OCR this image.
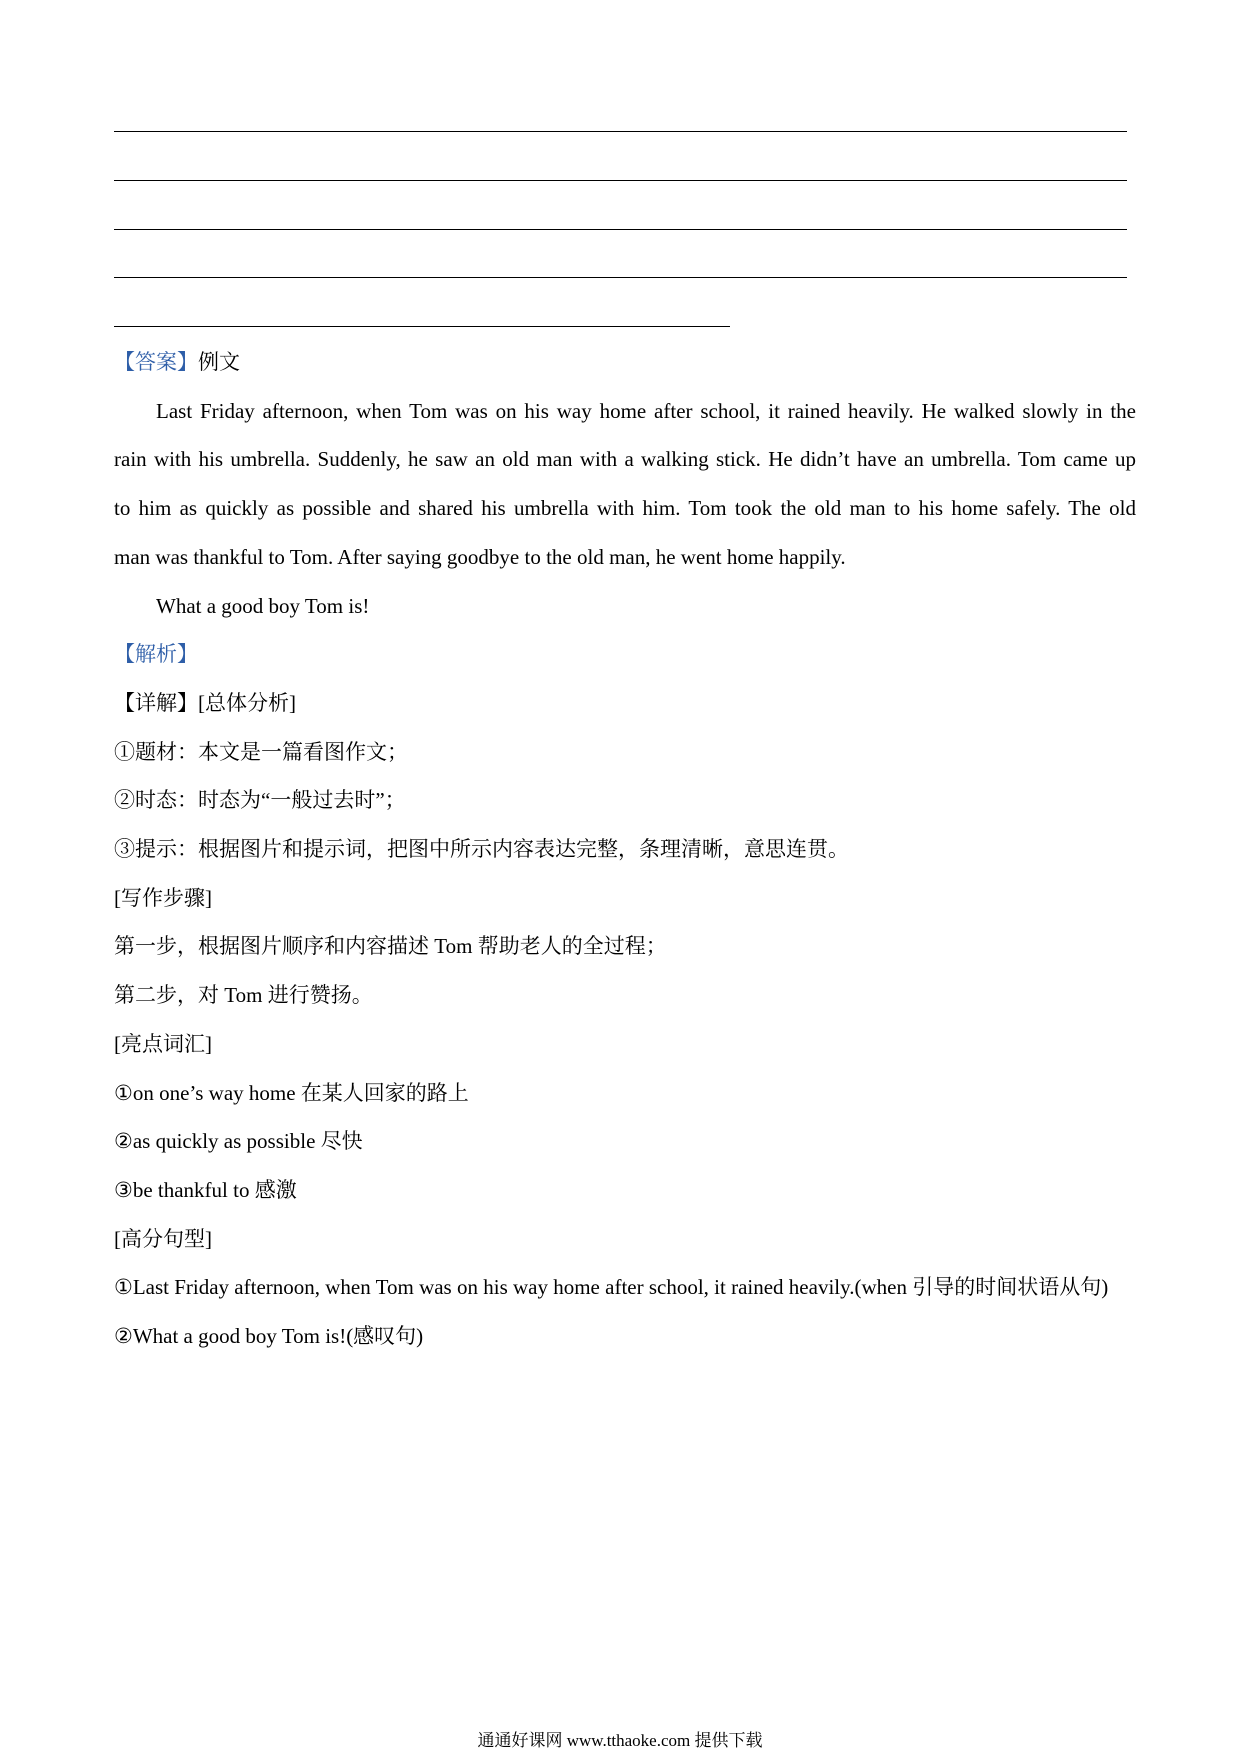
【答案】例文
Last Friday afternoon, when Tom was on his way home after school, it rained heavily. He walked slowly in the
rain with his umbrella. Suddenly, he saw an old man with a walking stick. He didn’t have an umbrella. Tom came up
to him as quickly as possible and shared his umbrella with him. Tom took the old man to his home safely. The old
man was thankful to Tom. After saying goodbye to the old man, he went home happily.
What a good boy Tom is!
【解析】
【详解】[总体分析]
①题材：本文是一篇看图作文；
②时态：时态为“一般过去时”；
③提示：根据图片和提示词，把图中所示内容表达完整，条理清晰，意思连贯。
[写作步骤]
第一步，根据图片顺序和内容描述 Tom 帮助老人的全过程；
第二步，对 Tom 进行赞扬。
[亮点词汇]
①on one’s way home 在某人回家的路上
②as quickly as possible 尽快
③be thankful to 感激
[高分句型]
①Last Friday afternoon, when Tom was on his way home after school, it rained heavily.(when 引导的时间状语从句)
②What a good boy Tom is!(感叹句)
通通好课网 www.tthaoke.com 提供下载
